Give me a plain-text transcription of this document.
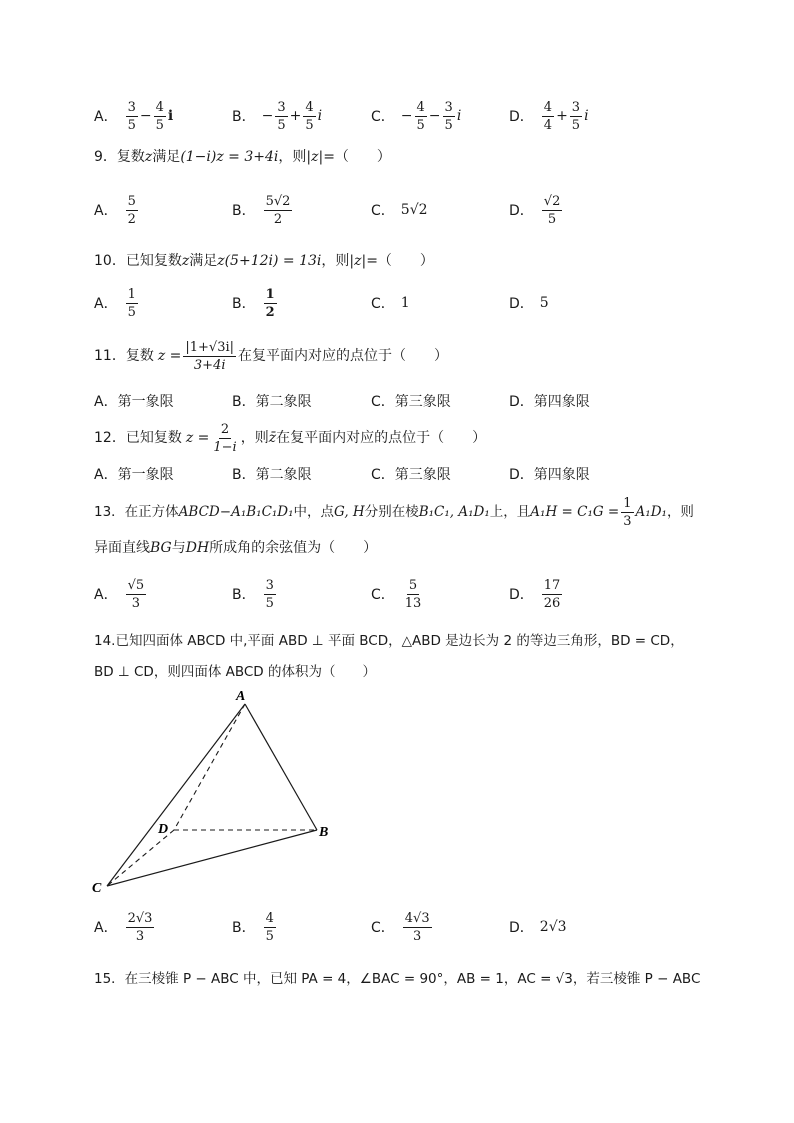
A． $\frac{3}{5} - \frac{4}{5}$ i	B． − $\frac{3}{5} + \frac{4}{5}$ i	C． − $\frac{4}{5} - \frac{3}{5}$ i	D． $\frac{4}{4} + \frac{3}{5}$ i
9．复数z满足(1−i)z = 3+4i，则|z|=（　　）
A． $\frac{5}{2}$	B． $\frac{5√2}{2}$	C． 5√2	D． $\frac{√2}{5}$
10．已知复数z满足z(5+12i) = 13i，则|z|=（　　）
A． $\frac{1}{5}$	B． $\frac{1}{2}$	C． 1	D． 5
11．复数 $z = \frac{|1+√3i|}{3+4i}$ 在复平面内对应的点位于（　　）
A．第一象限	B．第二象限	C．第三象限	D．第四象限
12．已知复数 $z = \frac{2}{1-i}$ ，则 z̄ 在复平面内对应的点位于（　　）
A．第一象限	B．第二象限	C．第三象限	D．第四象限
13．在正方体 ABCD−A₁B₁C₁D₁ 中，点 G, H 分别在棱 B₁C₁, A₁D₁ 上，且 $A_1H = C_1G = \frac{1}{3} A_1D_1$ ，则
异面直线BG与DH所成角的余弦值为（　　）
A． $\frac{√5}{3}$	B． $\frac{3}{5}$	C． $\frac{5}{13}$	D． $\frac{17}{26}$
14.已知四面体 ABCD 中,平面 ABD ⊥ 平面 BCD，△ABD 是边长为 2 的等边三角形，BD = CD，
BD ⊥ CD，则四面体 ABCD 的体积为（　　）
A
B
C
D
A． $\frac{2√3}{3}$	B． $\frac{4}{5}$	C． $\frac{4√3}{3}$	D． 2√3
15．在三棱锥 P − ABC 中，已知 PA = 4，∠BAC = 90°，AB = 1，AC = √3，若三棱锥 P − ABC
